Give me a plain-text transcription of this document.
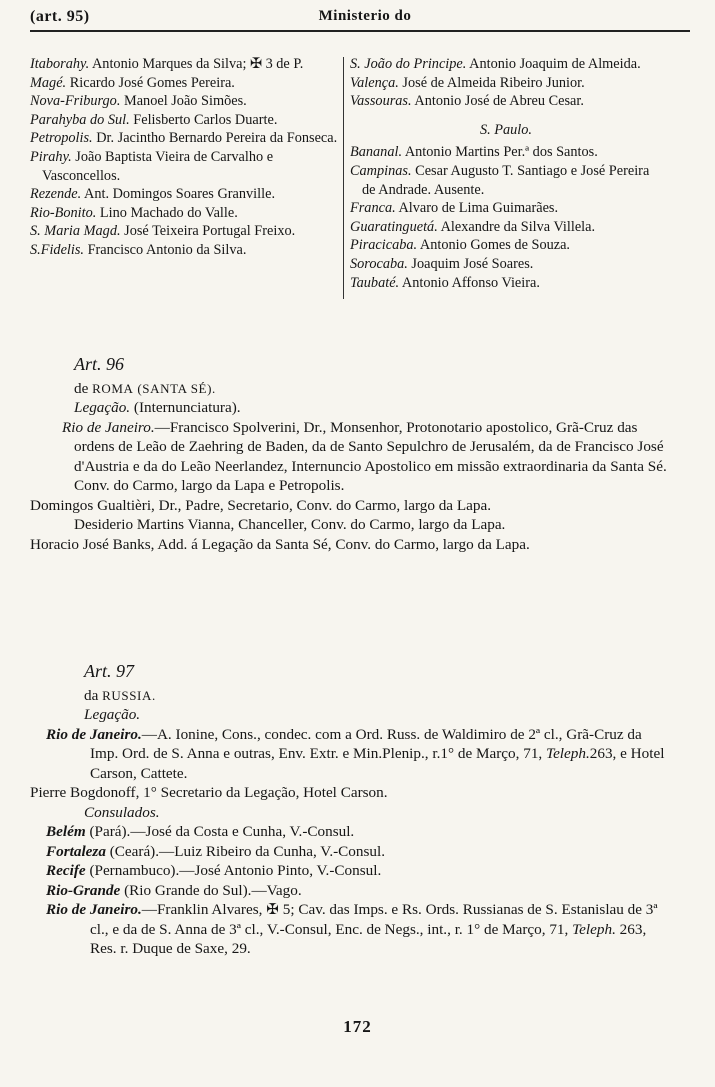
(art. 95)	Ministerio do

Itaborahy. Antonio Marques da Silva; ✠ 3 de P.

Magé. Ricardo José Gomes Pereira.

Nova-Friburgo. Manoel João Simões.

Parahyba do Sul. Felisberto Carlos Duarte.

Petropolis. Dr. Jacintho Bernardo Pereira da Fonseca.

Pirahy. João Baptista Vieira de Carvalho e Vasconcellos.

Rezende. Ant. Domingos Soares Granville.

Rio-Bonito. Lino Machado do Valle.

S. Maria Magd. José Teixeira Portugal Freixo.

S.Fidelis. Francisco Antonio da Silva.

S. João do Principe. Antonio Joaquim de Almeida.

Valença. José de Almeida Ribeiro Junior.

Vassouras. Antonio José de Abreu Cesar.

S. Paulo.

Bananal. Antonio Martins Per.ª dos Santos.

Campinas. Cesar Augusto T. Santiago e José Pereira de Andrade. Ausente.

Franca. Alvaro de Lima Guimarães.

Guaratinguetá. Alexandre da Silva Villela.

Piracicaba. Antonio Gomes de Souza.

Sorocaba. Joaquim José Soares.

Taubaté. Antonio Affonso Vieira.

Art. 96

de ROMA (SANTA SÉ).

Legação. (Internunciatura).

Rio de Janeiro.—Francisco Spolverini, Dr., Monsenhor, Protonotario apostolico, Grã-Cruz das ordens de Leão de Zaehring de Baden, da de Santo Sepulchro de Jerusalém, da de Francisco José d'Austria e da do Leão Neerlandez, Internuncio Apostolico em missão extraordinaria da Santa Sé. Conv. do Carmo, largo da Lapa e Petropolis.

Domingos Gualtièri, Dr., Padre, Secretario, Conv. do Carmo, largo da Lapa.

Desiderio Martins Vianna, Chanceller, Conv. do Carmo, largo da Lapa.

Horacio José Banks, Add. á Legação da Santa Sé, Conv. do Carmo, largo da Lapa.

Art. 97

da RUSSIA.

Legação.

Rio de Janeiro.—A. Ionine, Cons., condec. com a Ord. Russ. de Waldimiro de 2ª cl., Grã-Cruz da Imp. Ord. de S. Anna e outras, Env. Extr. e Min.Plenip., r.1° de Março, 71, Teleph.263, e Hotel Carson, Cattete.

Pierre Bogdonoff, 1° Secretario da Legação, Hotel Carson.

Consulados.

Belém (Pará).—José da Costa e Cunha, V.-Consul.

Fortaleza (Ceará).—Luiz Ribeiro da Cunha, V.-Consul.

Recife (Pernambuco).—José Antonio Pinto, V.-Consul.

Rio-Grande (Rio Grande do Sul).—Vago.

Rio de Janeiro.—Franklin Alvares, ✠ 5; Cav. das Imps. e Rs. Ords. Russianas de S. Estanislau de 3ª cl., e da de S. Anna de 3ª cl., V.-Consul, Enc. de Negs., int., r. 1° de Março, 71, Teleph. 263, Res. r. Duque de Saxe, 29.

172
